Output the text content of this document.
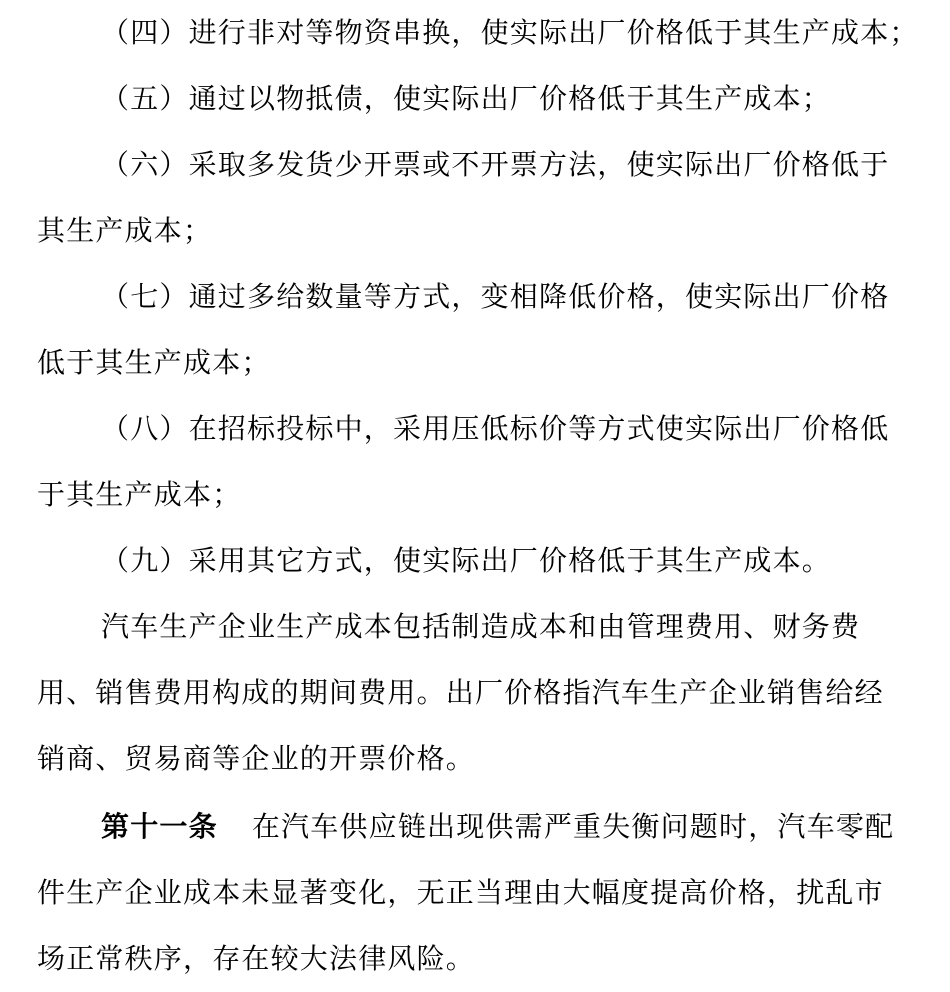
（四）进行非对等物资串换，使实际出厂价格低于其生产成本；
（五）通过以物抵债，使实际出厂价格低于其生产成本；
（六）采取多发货少开票或不开票方法，使实际出厂价格低于
其生产成本；
（七）通过多给数量等方式，变相降低价格，使实际出厂价格
低于其生产成本；
（八）在招标投标中，采用压低标价等方式使实际出厂价格低
于其生产成本；
（九）采用其它方式，使实际出厂价格低于其生产成本。
汽车生产企业生产成本包括制造成本和由管理费用、财务费
用、销售费用构成的期间费用。出厂价格指汽车生产企业销售给经
销商、贸易商等企业的开票价格。
第十一条 在汽车供应链出现供需严重失衡问题时，汽车零配
件生产企业成本未显著变化，无正当理由大幅度提高价格，扰乱市
场正常秩序，存在较大法律风险。
